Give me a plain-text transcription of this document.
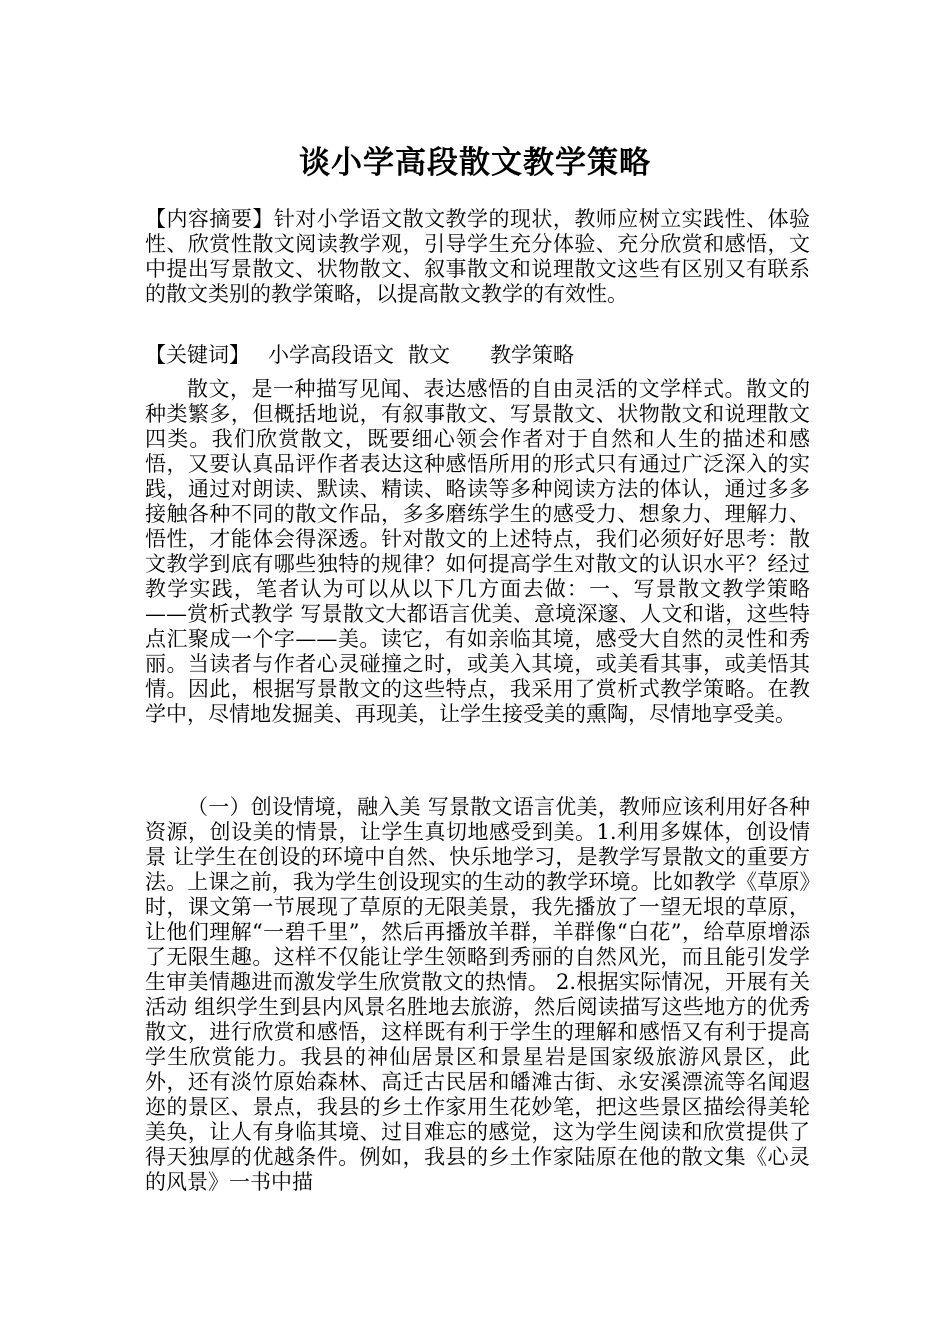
谈小学高段散文教学策略
【内容摘要】针对小学语文散文教学的现状，教师应树立实践性、体验性、欣赏性散文阅读教学观，引导学生充分体验、充分欣赏和感悟，文中提出写景散文、状物散文、叙事散文和说理散文这些有区别又有联系的散文类别的教学策略，以提高散文教学的有效性。
【关键词】 小学高段语文 散文 教学策略
散文，是一种描写见闻、表达感悟的自由灵活的文学样式。散文的种类繁多，但概括地说，有叙事散文、写景散文、状物散文和说理散文四类。我们欣赏散文，既要细心领会作者对于自然和人生的描述和感悟，又要认真品评作者表达这种感悟所用的形式只有通过广泛深入的实践，通过对朗读、默读、精读、略读等多种阅读方法的体认，通过多多接触各种不同的散文作品，多多磨练学生的感受力、想象力、理解力、悟性，才能体会得深透。针对散文的上述特点，我们必须好好思考：散文教学到底有哪些独特的规律？如何提高学生对散文的认识水平？经过教学实践，笔者认为可以从以下几方面去做：一、写景散文教学策略——赏析式教学 写景散文大都语言优美、意境深邃、人文和谐，这些特点汇聚成一个字——美。读它，有如亲临其境，感受大自然的灵性和秀丽。当读者与作者心灵碰撞之时，或美入其境，或美看其事，或美悟其情。因此，根据写景散文的这些特点，我采用了赏析式教学策略。在教学中，尽情地发掘美、再现美，让学生接受美的熏陶，尽情地享受美。
（一）创设情境，融入美 写景散文语言优美，教师应该利用好各种资源，创设美的情景，让学生真切地感受到美。1.利用多媒体，创设情景 让学生在创设的环境中自然、快乐地学习，是教学写景散文的重要方法。上课之前，我为学生创设现实的生动的教学环境。比如教学《草原》时，课文第一节展现了草原的无限美景，我先播放了一望无垠的草原，让他们理解“一碧千里”，然后再播放羊群，羊群像“白花”，给草原增添了无限生趣。这样不仅能让学生领略到秀丽的自然风光，而且能引发学生审美情趣进而激发学生欣赏散文的热情。 2.根据实际情况，开展有关活动 组织学生到县内风景名胜地去旅游，然后阅读描写这些地方的优秀散文，进行欣赏和感悟，这样既有利于学生的理解和感悟又有利于提高学生欣赏能力。我县的神仙居景区和景星岩是国家级旅游风景区，此外，还有淡竹原始森林、高迁古民居和皤滩古街、永安溪漂流等名闻遐迩的景区、景点，我县的乡土作家用生花妙笔，把这些景区描绘得美轮美奂，让人有身临其境、过目难忘的感觉，这为学生阅读和欣赏提供了得天独厚的优越条件。例如，我县的乡土作家陆原在他的散文集《心灵的风景》一书中描
